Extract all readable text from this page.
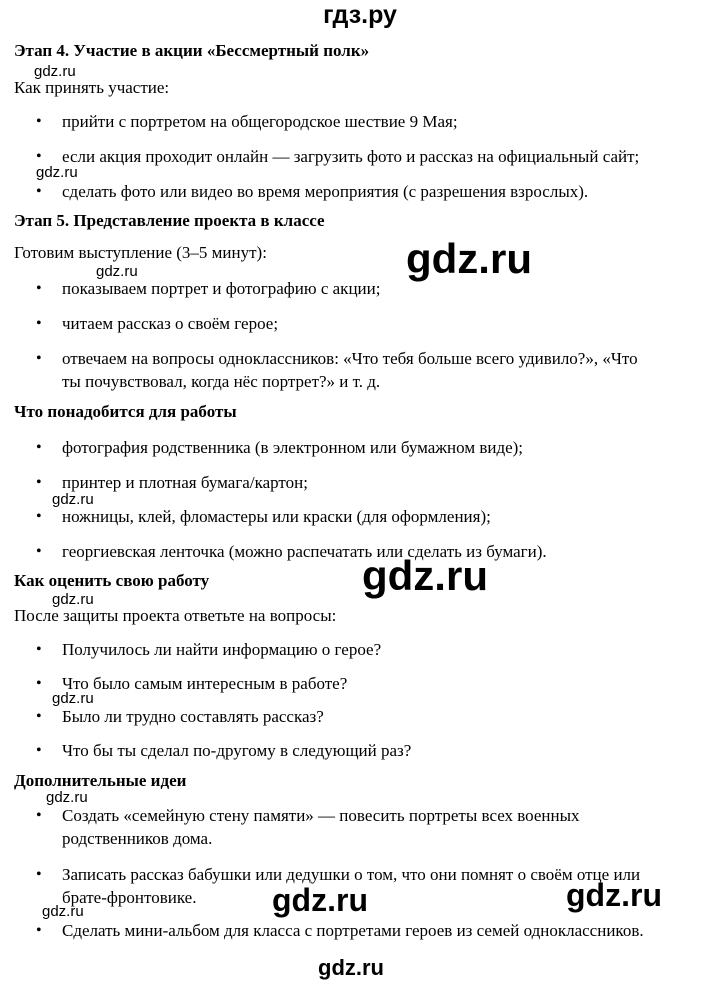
гдз.ру
Этап 4. Участие в акции «Бессмертный полк»
gdz.ru
Как принять участие:
• прийти с портретом на общегородское шествие 9 Мая;
• если акция проходит онлайн — загрузить фото и рассказ на официальный сайт;
gdz.ru
• сделать фото или видео во время мероприятия (с разрешения взрослых).
Этап 5. Представление проекта в классе
Готовим выступление (3–5 минут):	gdz.ru
gdz.ru
• показываем портрет и фотографию с акции;
• читаем рассказ о своём герое;
• отвечаем на вопросы одноклассников: «Что тебя больше всего удивило?», «Что
ты почувствовал, когда нёс портрет?» и т. д.
Что понадобится для работы
• фотография родственника (в электронном или бумажном виде);
• принтер и плотная бумага/картон;
gdz.ru
• ножницы, клей, фломастеры или краски (для оформления);
• георгиевская ленточка (можно распечатать или сделать из бумаги).
Как оценить свою работу	gdz.ru
gdz.ru
После защиты проекта ответьте на вопросы:
• Получилось ли найти информацию о герое?
• Что было самым интересным в работе?
gdz.ru
• Было ли трудно составлять рассказ?
• Что бы ты сделал по-другому в следующий раз?
Дополнительные идеи
gdz.ru
• Создать «семейную стену памяти» — повесить портреты всех военных
родственников дома.
• Записать рассказ бабушки или дедушки о том, что они помнят о своём отце или
брате-фронтовике. gdz.ru	gdz.ru
gdz.ru
• Сделать мини-альбом для класса с портретами героев из семей одноклассников.
gdz.ru
